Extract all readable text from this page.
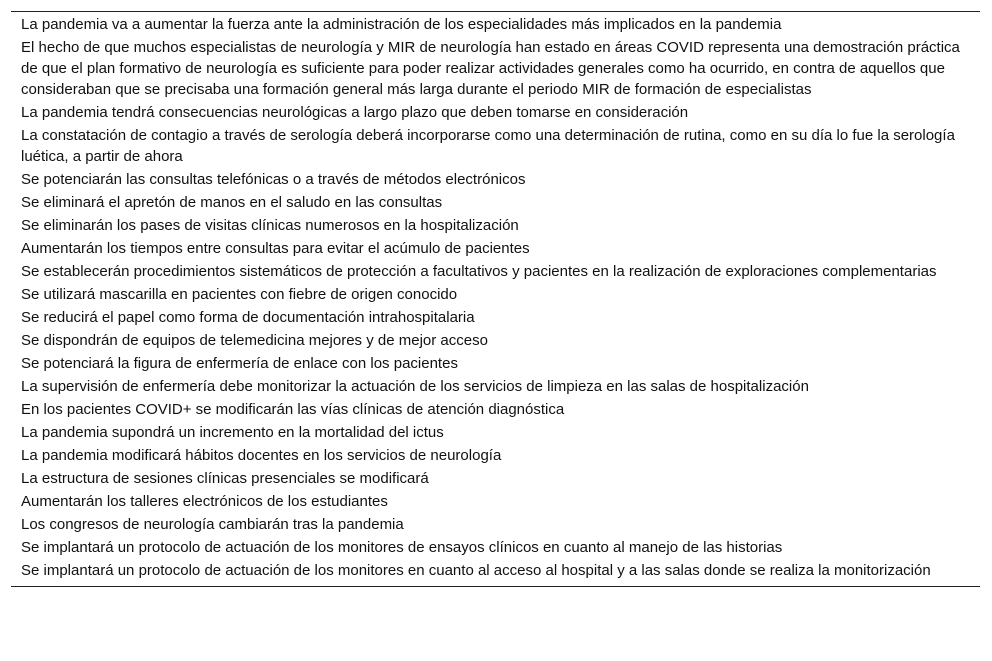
La pandemia va a aumentar la fuerza ante la administración de los especialidades más implicados en la pandemia
El hecho de que muchos especialistas de neurología y MIR de neurología han estado en áreas COVID representa una demostración práctica de que el plan formativo de neurología es suficiente para poder realizar actividades generales como ha ocurrido, en contra de aquellos que consideraban que se precisaba una formación general más larga durante el periodo MIR de formación de especialistas
La pandemia tendrá consecuencias neurológicas a largo plazo que deben tomarse en consideración
La constatación de contagio a través de serología deberá incorporarse como una determinación de rutina, como en su día lo fue la serología luética, a partir de ahora
Se potenciarán las consultas telefónicas o a través de métodos electrónicos
Se eliminará el apretón de manos en el saludo en las consultas
Se eliminarán los pases de visitas clínicas numerosos en la hospitalización
Aumentarán los tiempos entre consultas para evitar el acúmulo de pacientes
Se establecerán procedimientos sistemáticos de protección a facultativos y pacientes en la realización de exploraciones complementarias
Se utilizará mascarilla en pacientes con fiebre de origen conocido
Se reducirá el papel como forma de documentación intrahospitalaria
Se dispondrán de equipos de telemedicina mejores y de mejor acceso
Se potenciará la figura de enfermería de enlace con los pacientes
La supervisión de enfermería debe monitorizar la actuación de los servicios de limpieza en las salas de hospitalización
En los pacientes COVID+ se modificarán las vías clínicas de atención diagnóstica
La pandemia supondrá un incremento en la mortalidad del ictus
La pandemia modificará hábitos docentes en los servicios de neurología
La estructura de sesiones clínicas presenciales se modificará
Aumentarán los talleres electrónicos de los estudiantes
Los congresos de neurología cambiarán tras la pandemia
Se implantará un protocolo de actuación de los monitores de ensayos clínicos en cuanto al manejo de las historias
Se implantará un protocolo de actuación de los monitores en cuanto al acceso al hospital y a las salas donde se realiza la monitorización
